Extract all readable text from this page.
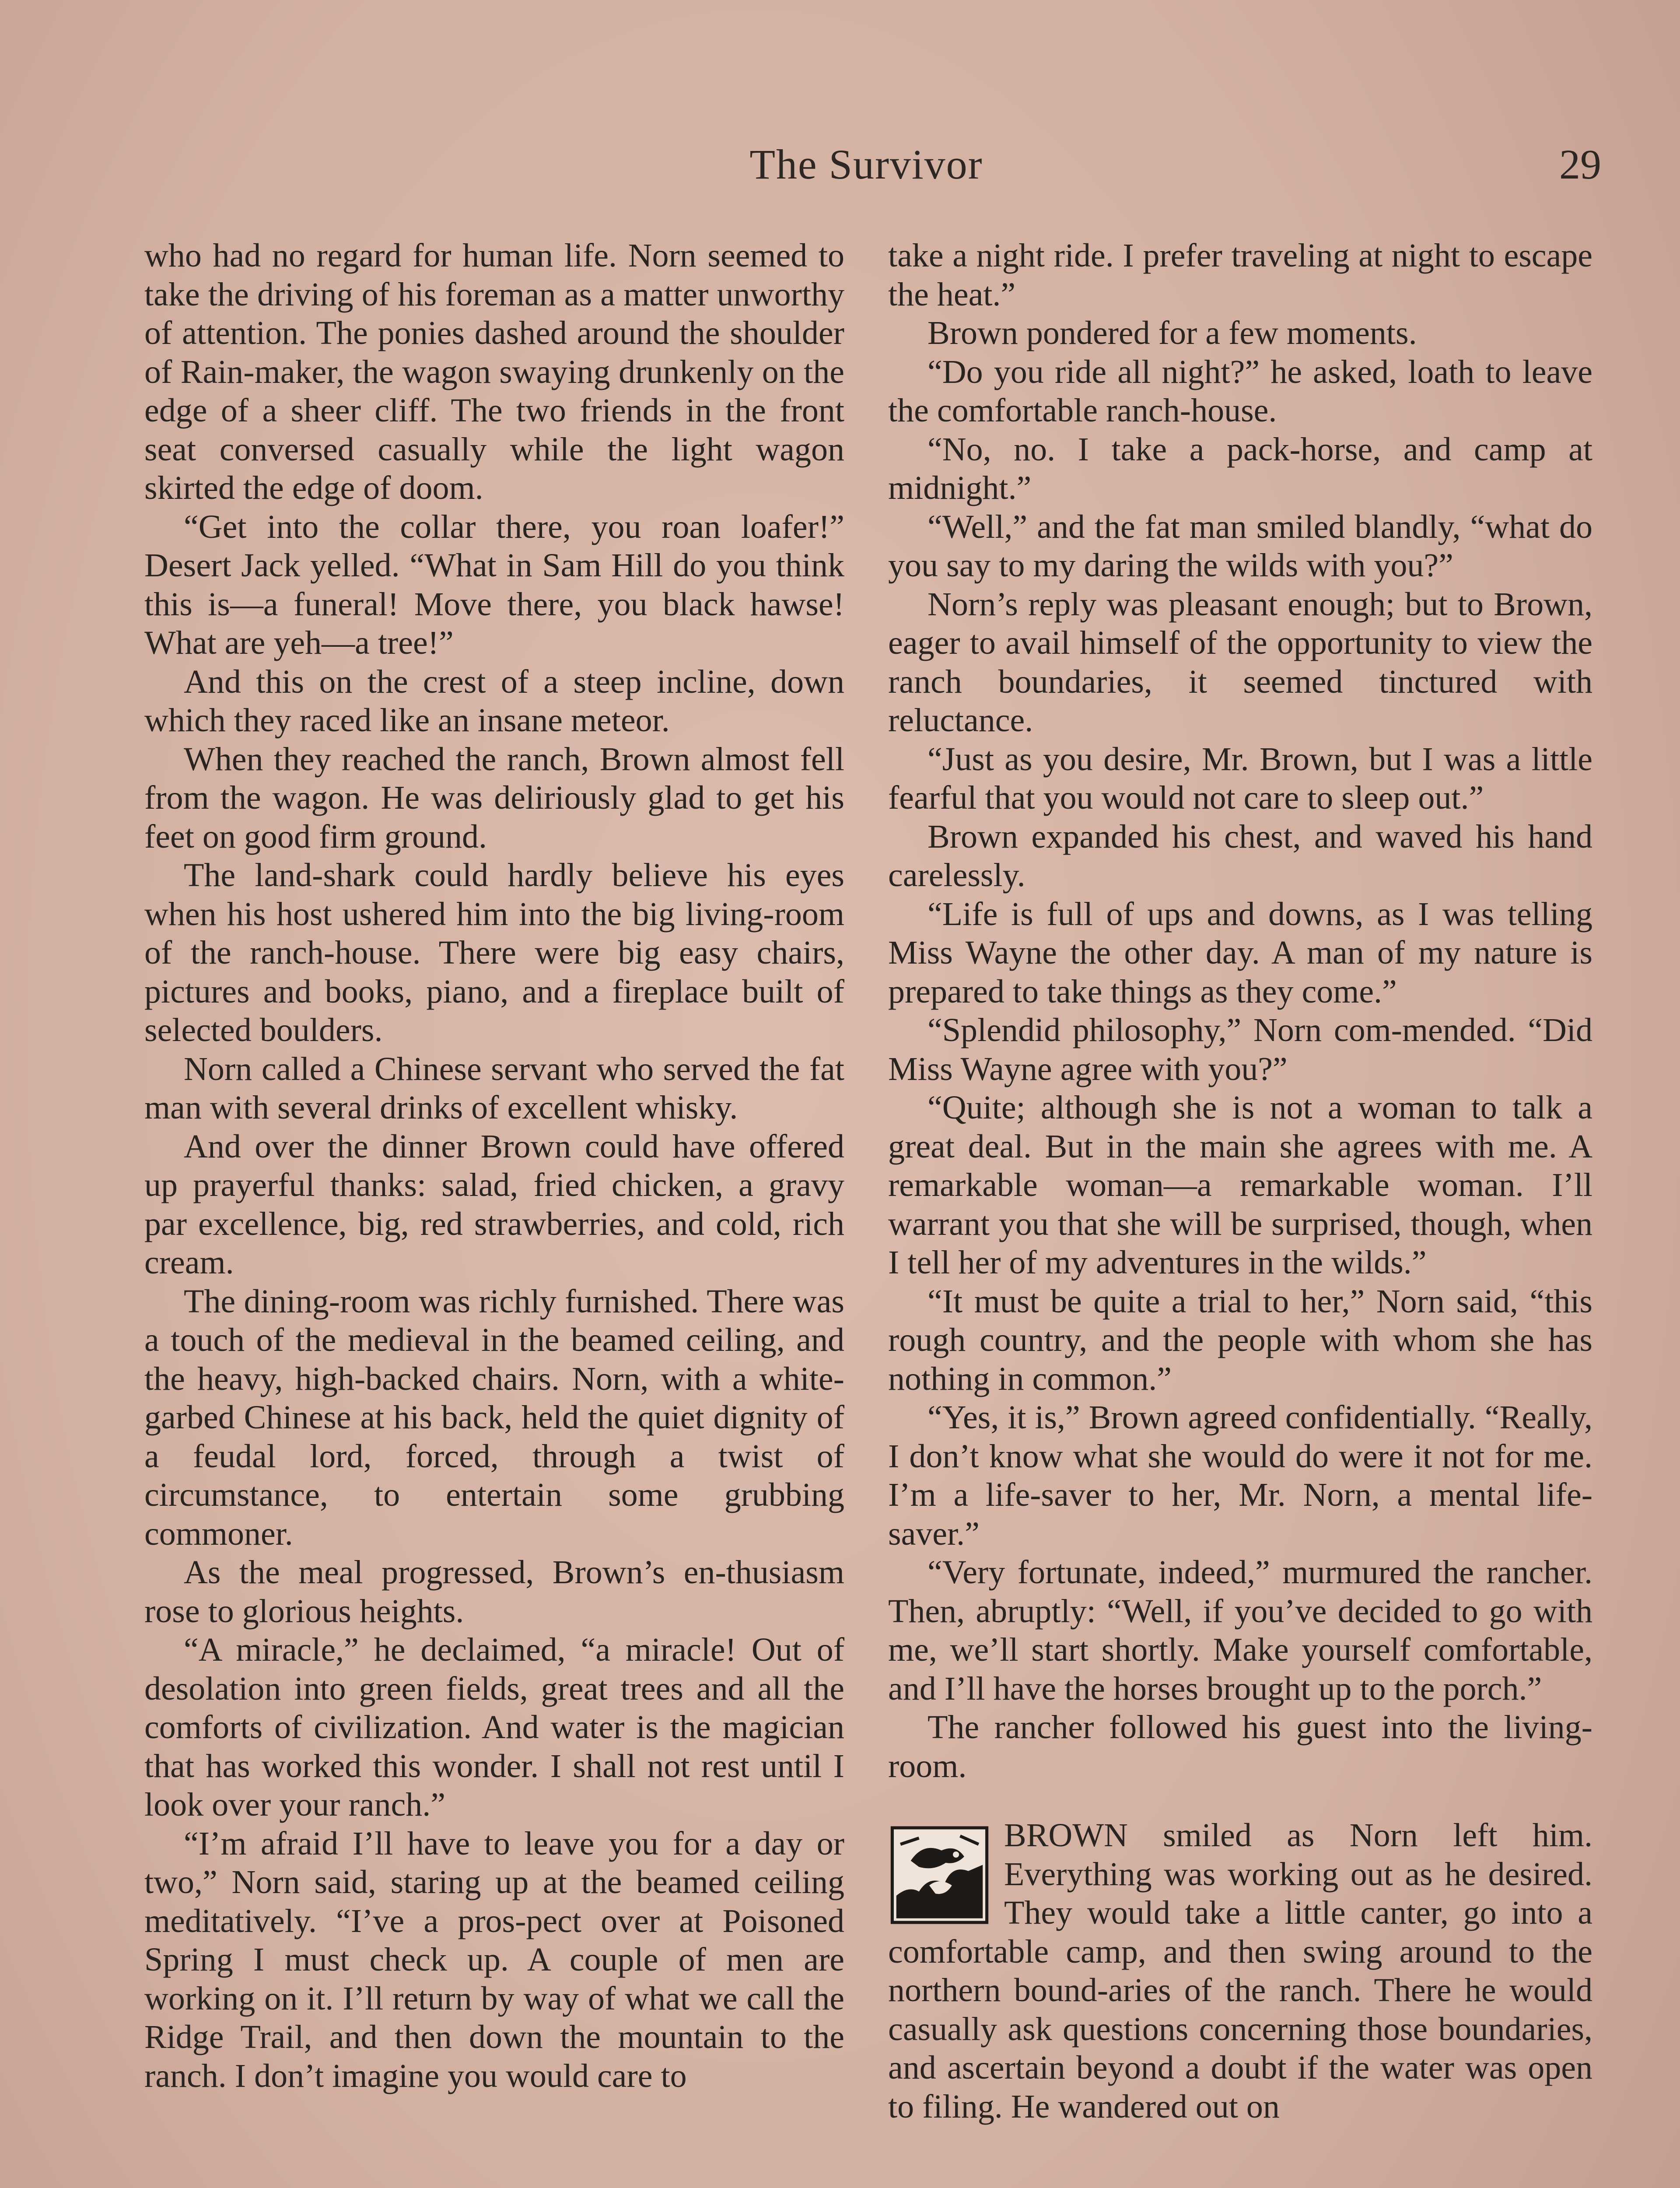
The Survivor	29

who had no regard for human life. Norn seemed to take the driving of his foreman as a matter unworthy of attention. The ponies dashed around the shoulder of Rain-maker, the wagon swaying drunkenly on the edge of a sheer cliff. The two friends in the front seat conversed casually while the light wagon skirted the edge of doom.

“Get into the collar there, you roan loafer!” Desert Jack yelled. “What in Sam Hill do you think this is—a funeral! Move there, you black hawse! What are yeh—a tree!”

And this on the crest of a steep incline, down which they raced like an insane meteor.

When they reached the ranch, Brown almost fell from the wagon. He was deliriously glad to get his feet on good firm ground.

The land-shark could hardly believe his eyes when his host ushered him into the big living-room of the ranch-house. There were big easy chairs, pictures and books, piano, and a fireplace built of selected boulders.

Norn called a Chinese servant who served the fat man with several drinks of excellent whisky.

And over the dinner Brown could have offered up prayerful thanks: salad, fried chicken, a gravy par excellence, big, red strawberries, and cold, rich cream.

The dining-room was richly furnished. There was a touch of the medieval in the beamed ceiling, and the heavy, high-backed chairs. Norn, with a white-garbed Chinese at his back, held the quiet dignity of a feudal lord, forced, through a twist of circumstance, to entertain some grubbing commoner.

As the meal progressed, Brown’s en-thusiasm rose to glorious heights.

“A miracle,” he declaimed, “a miracle! Out of desolation into green fields, great trees and all the comforts of civilization. And water is the magician that has worked this wonder. I shall not rest until I look over your ranch.”

“I’m afraid I’ll have to leave you for a day or two,” Norn said, staring up at the beamed ceiling meditatively. “I’ve a pros-pect over at Poisoned Spring I must check up. A couple of men are working on it. I’ll return by way of what we call the Ridge Trail, and then down the mountain to the ranch. I don’t imagine you would care to

take a night ride. I prefer traveling at night to escape the heat.”

Brown pondered for a few moments.

“Do you ride all night?” he asked, loath to leave the comfortable ranch-house.

“No, no. I take a pack-horse, and camp at midnight.”

“Well,” and the fat man smiled blandly, “what do you say to my daring the wilds with you?”

Norn’s reply was pleasant enough; but to Brown, eager to avail himself of the opportunity to view the ranch boundaries, it seemed tinctured with reluctance.

“Just as you desire, Mr. Brown, but I was a little fearful that you would not care to sleep out.”

Brown expanded his chest, and waved his hand carelessly.

“Life is full of ups and downs, as I was telling Miss Wayne the other day. A man of my nature is prepared to take things as they come.”

“Splendid philosophy,” Norn com-mended. “Did Miss Wayne agree with you?”

“Quite; although she is not a woman to talk a great deal. But in the main she agrees with me. A remarkable woman—a remarkable woman. I’ll warrant you that she will be surprised, though, when I tell her of my adventures in the wilds.”

“It must be quite a trial to her,” Norn said, “this rough country, and the people with whom she has nothing in common.”

“Yes, it is,” Brown agreed confidentially. “Really, I don’t know what she would do were it not for me. I’m a life-saver to her, Mr. Norn, a mental life-saver.”

“Very fortunate, indeed,” murmured the rancher. Then, abruptly: “Well, if you’ve decided to go with me, we’ll start shortly. Make yourself comfortable, and I’ll have the horses brought up to the porch.”

The rancher followed his guest into the living-room.

BROWN smiled as Norn left him. Everything was working out as he desired. They would take a little canter, go into a comfortable camp, and then swing around to the northern bound-aries of the ranch. There he would casually ask questions concerning those boundaries, and ascertain beyond a doubt if the water was open to filing. He wandered out on
